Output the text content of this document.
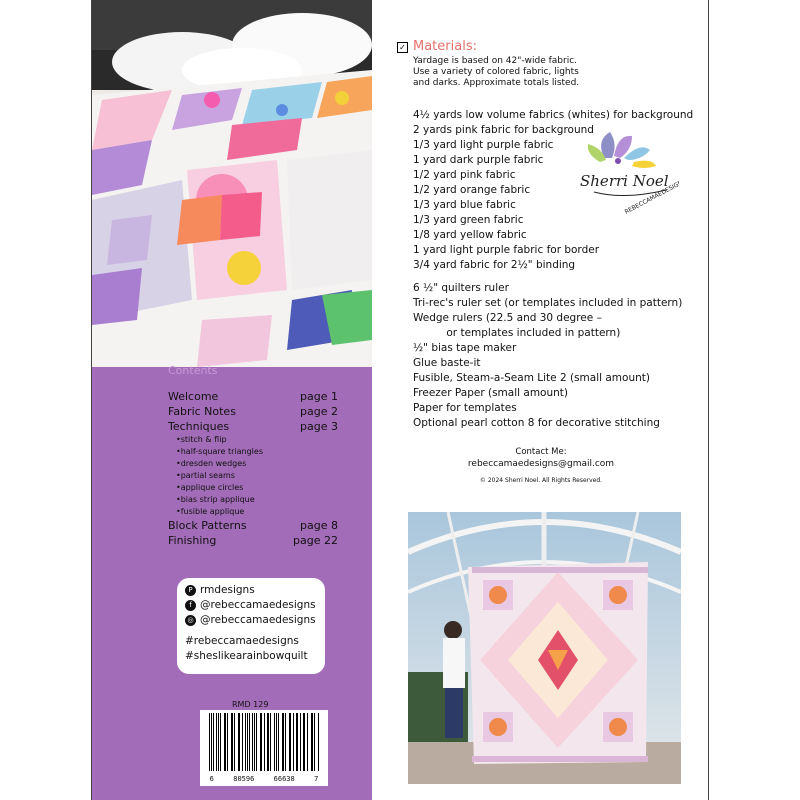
Contents
Welcome	page 1
Fabric Notes	page 2
Techniques	page 3
•stitch & flip
•half-square triangles
•dresden wedges
•partial seams
•applique circles
•bias strip applique
•fusible applique
Block Patterns	page 8
Finishing	page 22
P rmdesigns
f @rebeccamaedesigns
◎ @rebeccamaedesigns
#rebeccamaedesigns
#sheslikearainbowquilt
RMD 129
6	80596	66638	7
✓ Materials:
Yardage is based on 42"-wide fabric.
Use a variety of colored fabric, lights
and darks. Approximate totals listed.
4½ yards low volume fabrics (whites) for background
2 yards pink fabric for background
1/3 yard light purple fabric
1 yard dark purple fabric
1/2 yard pink fabric
1/2 yard orange fabric
1/3 yard blue fabric
1/3 yard green fabric
1/8 yard yellow fabric
1 yard light purple fabric for border
3/4 yard fabric for 2½" binding
Sherri Noel
REBECCAMAEDESIGNS.COM
6 ½" quilters ruler
Tri-rec's ruler set (or templates included in pattern)
Wedge rulers (22.5 and 30 degree –
or templates included in pattern)
½" bias tape maker
Glue baste-it
Fusible, Steam-a-Seam Lite 2 (small amount)
Freezer Paper (small amount)
Paper for templates
Optional pearl cotton 8 for decorative stitching
Contact Me:
rebeccamaedesigns@gmail.com
© 2024 Sherri Noel. All Rights Reserved.
